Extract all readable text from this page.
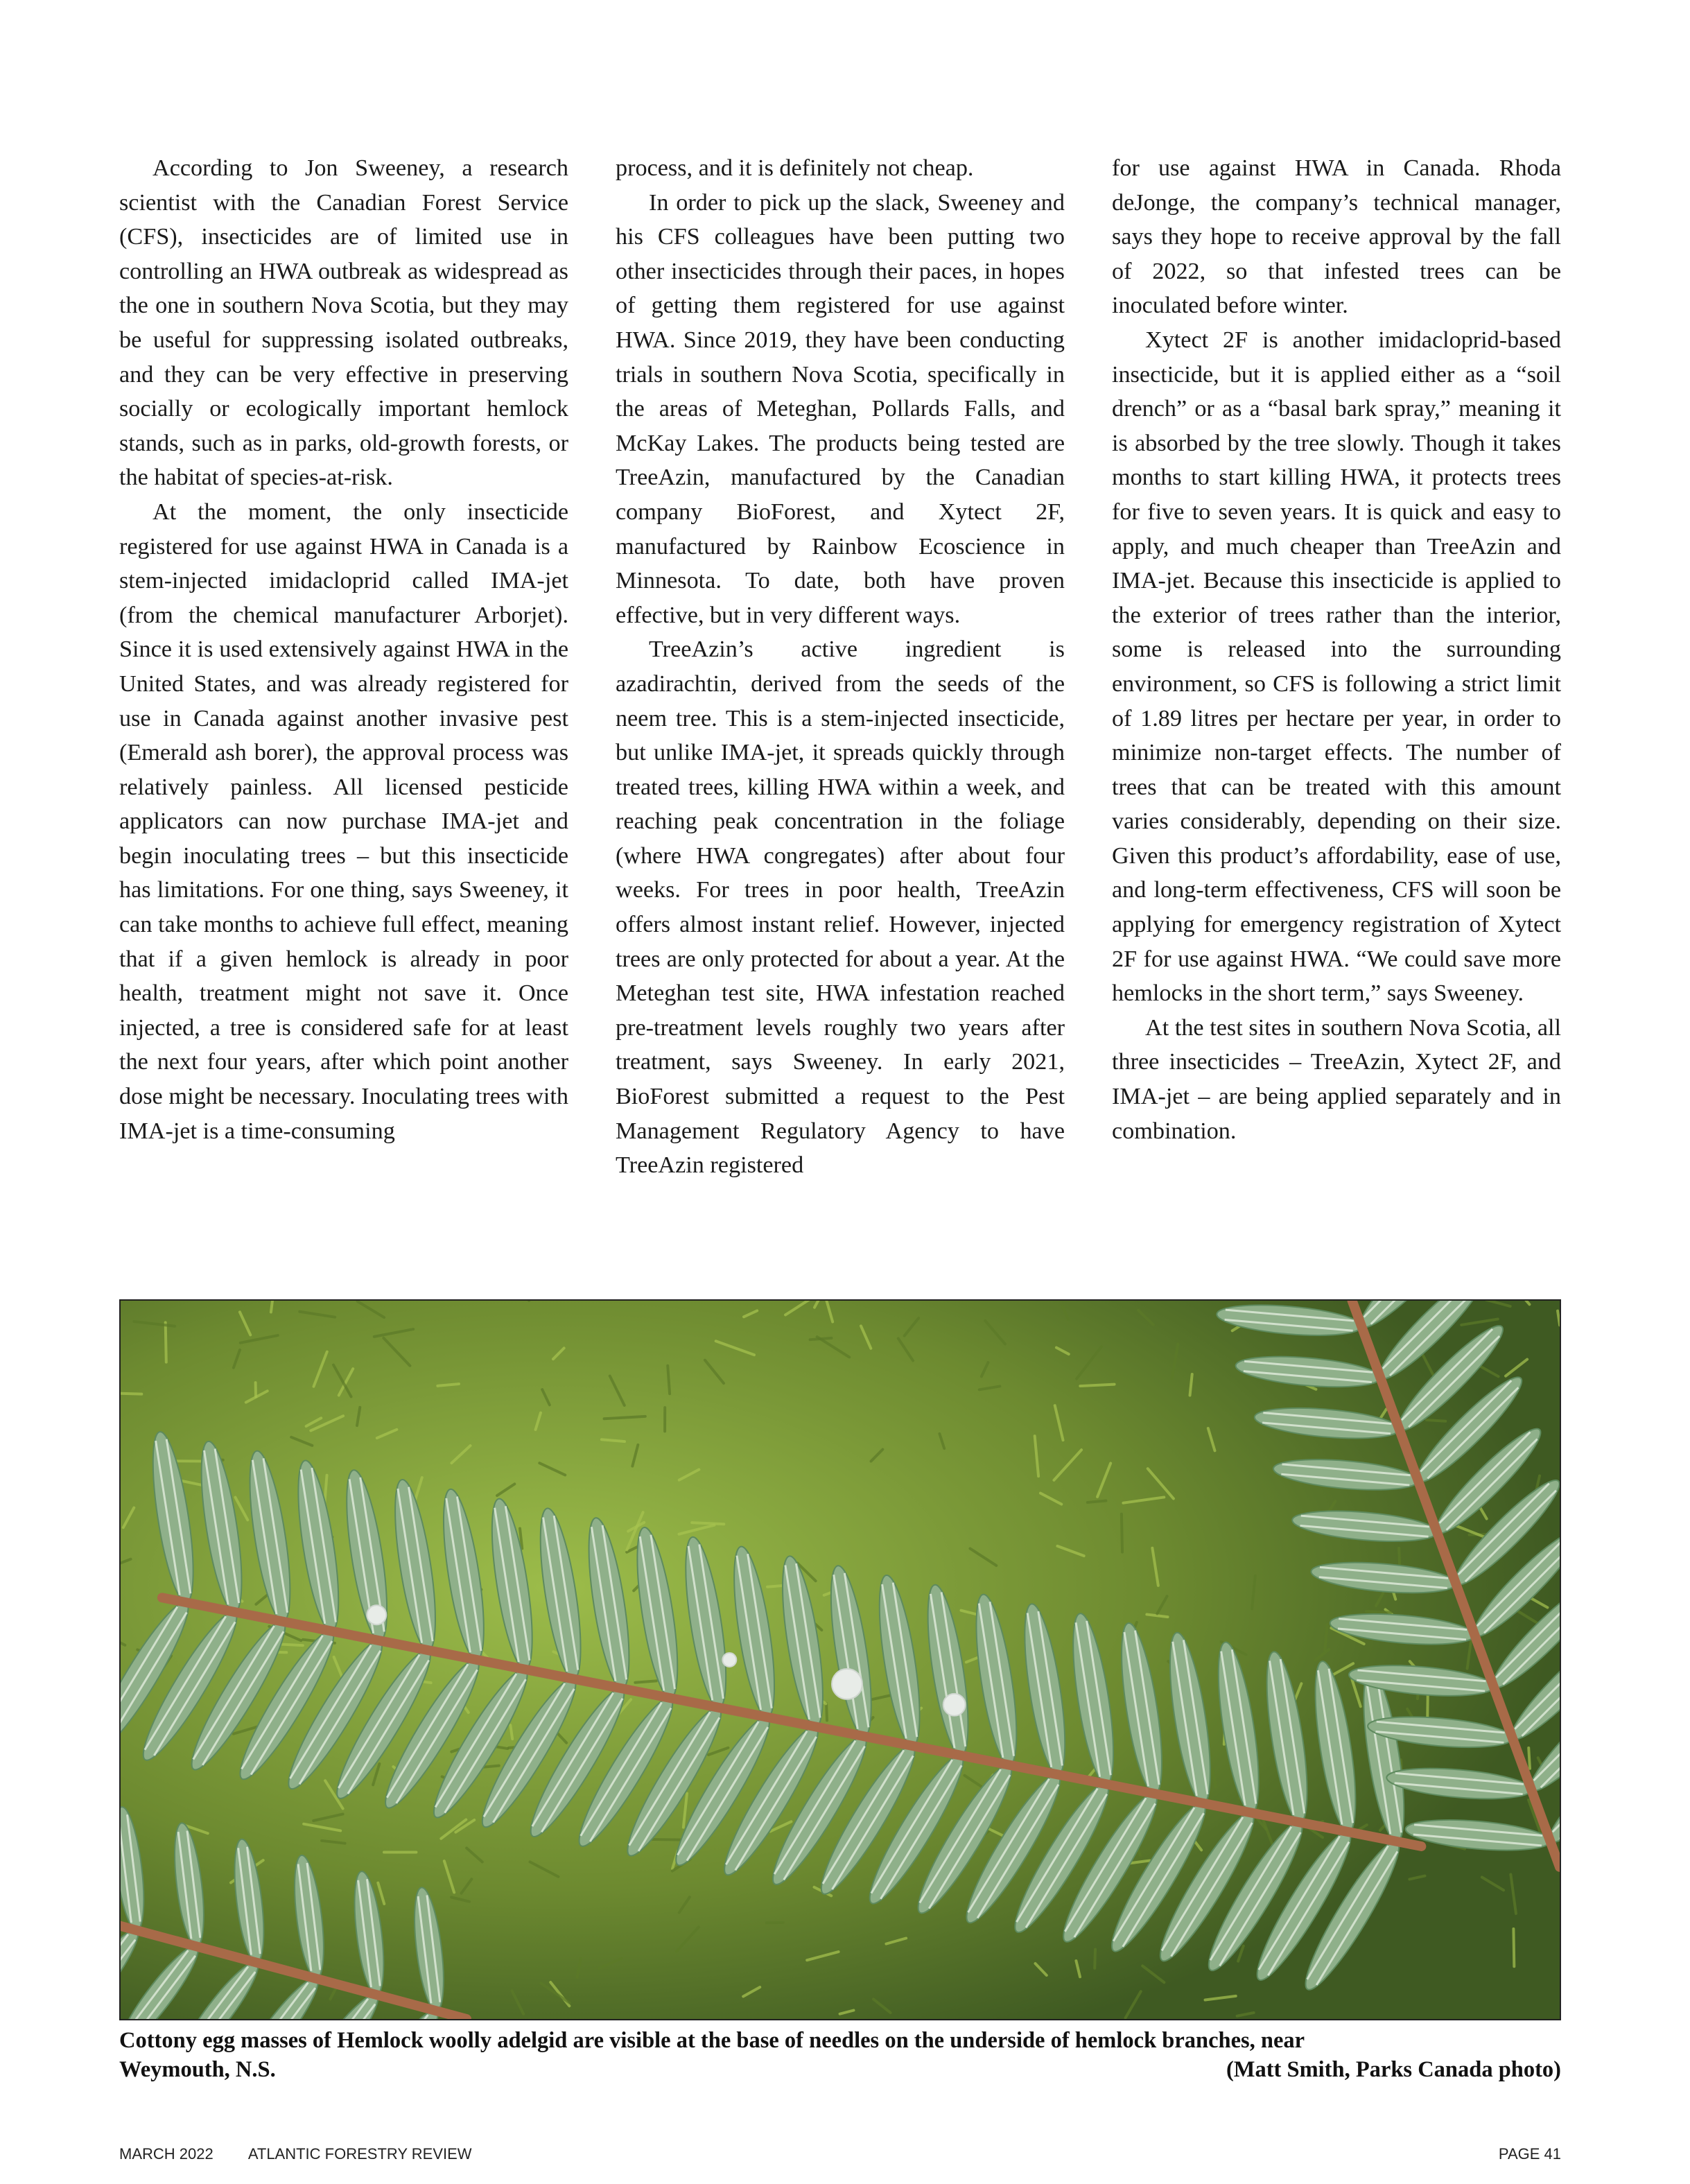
According to Jon Sweeney, a research scientist with the Canadian Forest Service (CFS), insecticides are of limited use in controlling an HWA outbreak as widespread as the one in southern Nova Scotia, but they may be useful for suppressing isolated outbreaks, and they can be very effective in preserving socially or ecologically important hemlock stands, such as in parks, old-growth forests, or the habitat of species-at-risk.

At the moment, the only insecticide registered for use against HWA in Canada is a stem-injected imidacloprid called IMA-jet (from the chemical manufacturer Arborjet). Since it is used extensively against HWA in the United States, and was already registered for use in Canada against another invasive pest (Emerald ash borer), the approval process was relatively painless. All licensed pesticide applicators can now purchase IMA-jet and begin inoculating trees – but this insecticide has limitations. For one thing, says Sweeney, it can take months to achieve full effect, meaning that if a given hemlock is already in poor health, treatment might not save it. Once injected, a tree is considered safe for at least the next four years, after which point another dose might be necessary. Inoculating trees with IMA-jet is a time-consuming

process, and it is definitely not cheap.

In order to pick up the slack, Sweeney and his CFS colleagues have been putting two other insecticides through their paces, in hopes of getting them registered for use against HWA. Since 2019, they have been conducting trials in southern Nova Scotia, specifically in the areas of Meteghan, Pollards Falls, and McKay Lakes. The products being tested are TreeAzin, manufactured by the Canadian company BioForest, and Xytect 2F, manufactured by Rainbow Ecoscience in Minnesota. To date, both have proven effective, but in very different ways.

TreeAzin’s active ingredient is azadirachtin, derived from the seeds of the neem tree. This is a stem-injected insecticide, but unlike IMA-jet, it spreads quickly through treated trees, killing HWA within a week, and reaching peak concentration in the foliage (where HWA congregates) after about four weeks. For trees in poor health, TreeAzin offers almost instant relief. However, injected trees are only protected for about a year. At the Meteghan test site, HWA infestation reached pre-treatment levels roughly two years after treatment, says Sweeney. In early 2021, BioForest submitted a request to the Pest Management Regulatory Agency to have TreeAzin registered

for use against HWA in Canada. Rhoda deJonge, the company’s technical manager, says they hope to receive approval by the fall of 2022, so that infested trees can be inoculated before winter.

Xytect 2F is another imidacloprid-based insecticide, but it is applied either as a “soil drench” or as a “basal bark spray,” meaning it is absorbed by the tree slowly. Though it takes months to start killing HWA, it protects trees for five to seven years. It is quick and easy to apply, and much cheaper than TreeAzin and IMA-jet. Because this insecticide is applied to the exterior of trees rather than the interior, some is released into the surrounding environment, so CFS is following a strict limit of 1.89 litres per hectare per year, in order to minimize non-target effects. The number of trees that can be treated with this amount varies considerably, depending on their size. Given this product’s affordability, ease of use, and long-term effectiveness, CFS will soon be applying for emergency registration of Xytect 2F for use against HWA. “We could save more hemlocks in the short term,” says Sweeney.

At the test sites in southern Nova Scotia, all three insecticides – TreeAzin, Xytect 2F, and IMA-jet – are being applied separately and in combination.

Cottony egg masses of Hemlock woolly adelgid are visible at the base of needles on the underside of hemlock branches, near
Weymouth, N.S.	(Matt Smith, Parks Canada photo)
MARCH 2022 ATLANTIC FORESTRY REVIEW	PAGE 41
